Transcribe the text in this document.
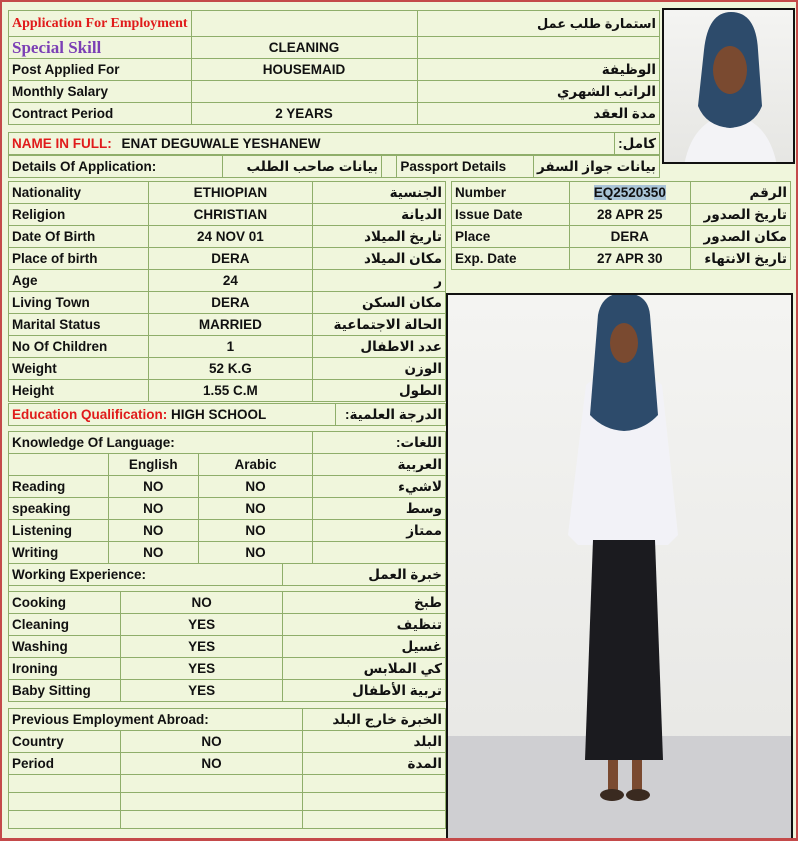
Application For Employment		استمارة طلب عمل
Special Skill	CLEANING	
Post Applied For	HOUSEMAID	الوظيفة
Monthly Salary		الراتب الشهري
Contract Period	2 YEARS	مدة العقد
NAME IN FULL: ENAT DEGUWALE YESHANEW	كامل:
Details Of Application:	بيانات صاحب الطلب		Passport Details	بيانات جواز السفر
Nationality	ETHIOPIAN	الجنسية
Religion	CHRISTIAN	الديانة
Date Of Birth	24 NOV 01	تاريخ الميلاد
Place of birth	DERA	مكان الميلاد
Age	24	ر
Living Town	DERA	مكان السكن
Marital Status	MARRIED	الحالة الاجتماعية
No Of Children	1	عدد الاطفال
Weight	52 K.G	الوزن
Height	1.55 C.M	الطول
Number	EQ2520350	الرقم
Issue Date	28 APR 25	تاريخ الصدور
Place	DERA	مكان الصدور
Exp. Date	27 APR 30	تاريخ الانتهاء
Education Qualification: HIGH SCHOOL	الدرجة العلمية:
Knowledge Of Language:			اللغات:
	English	Arabic	العربية
Reading	NO	NO	لاشيء
speaking	NO	NO	وسط
Listening	NO	NO	ممتاز
Writing	NO	NO	
Working Experience:		خبرة العمل

Cooking	NO	طبخ
Cleaning	YES	تنظيف
Washing	YES	غسيل
Ironing	YES	كي الملابس
Baby Sitting	YES	تربية الأطفال
Previous Employment Abroad:		الخبرة خارج البلد
Country	NO	البلد
Period	NO	المدة
